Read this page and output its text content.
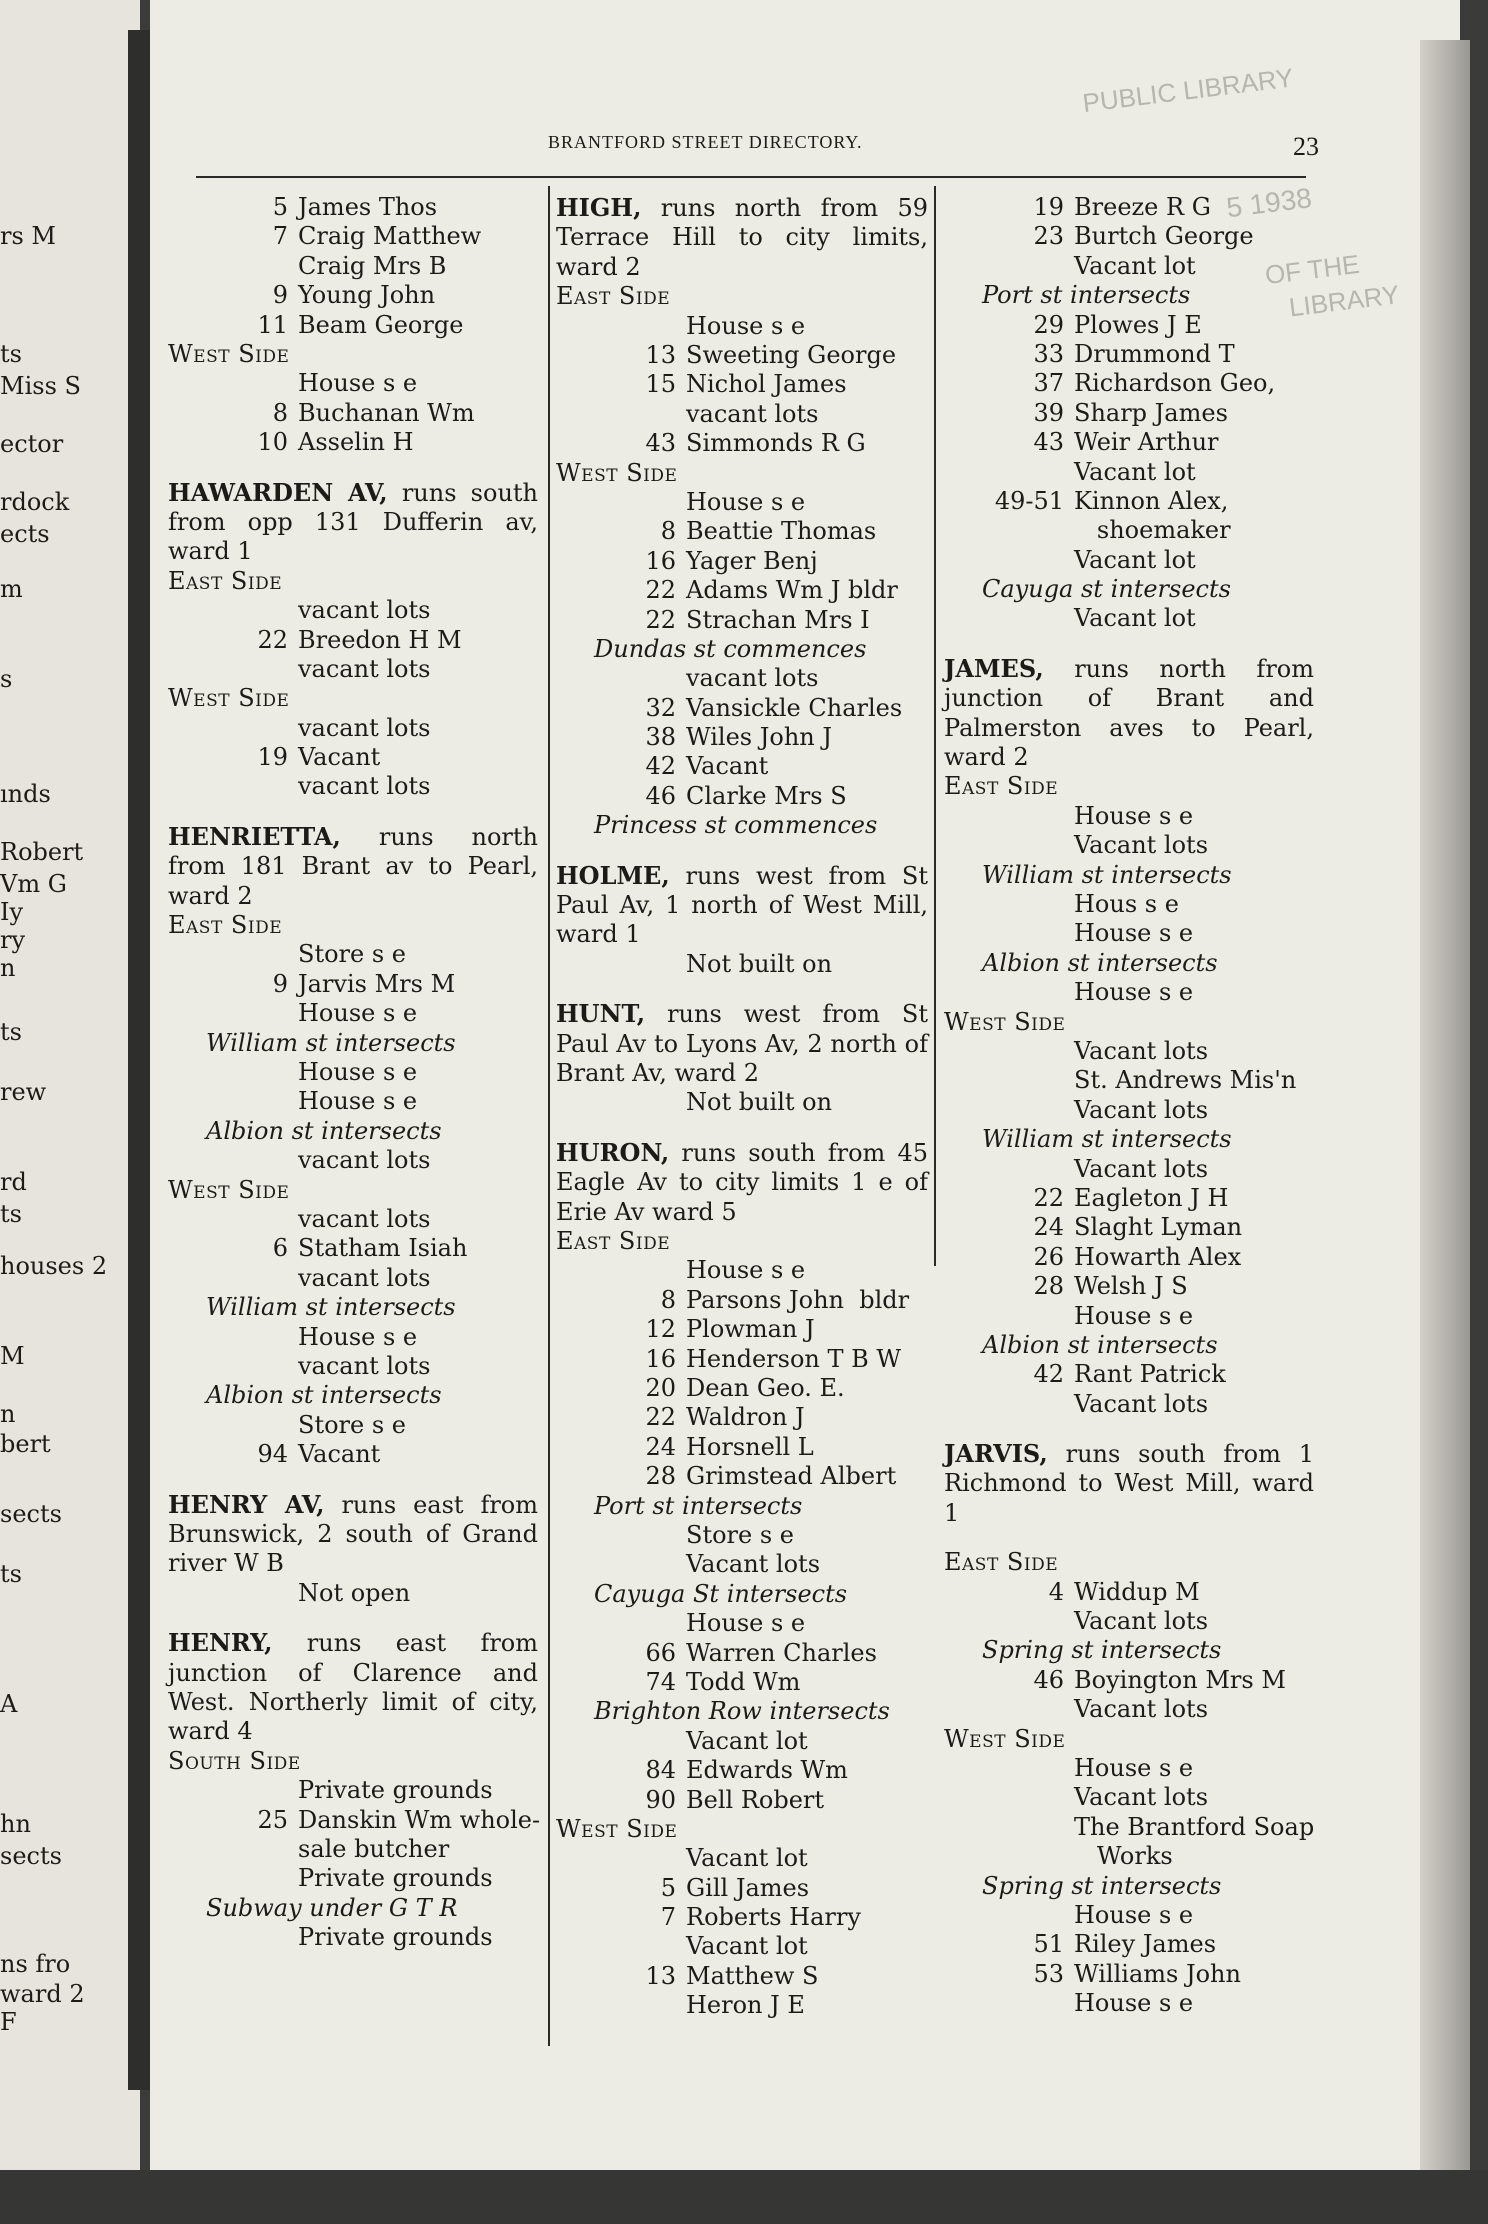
rs M
ts
Miss S
ector
rdock
ects
m
s
ınds
Robert
Vm G
Iy
ry
n
ts
rew
rd
ts
houses 2
M
n
bert
sects
ts
A
hn
sects
ns fro
ward 2
F
BRANTFORD STREET DIRECTORY.	23
PUBLIC LIBRARY
5 1938
OF THE
LIBRARY
5 James Thos
7 Craig Matthew
Craig Mrs B
9 Young John
11 Beam George
West Side
House s e
8 Buchanan Wm
10 Asselin H
HAWARDEN AV, runs south from opp 131 Dufferin av, ward 1
East Side
vacant lots
22 Breedon H M
vacant lots
West Side
vacant lots
19 Vacant
vacant lots
HENRIETTA, runs north from 181 Brant av to Pearl, ward 2
East Side
Store s e
9 Jarvis Mrs M
House s e
William st intersects
House s e
House s e
Albion st intersects
vacant lots
West Side
vacant lots
6 Statham Isiah
vacant lots
William st intersects
House s e
vacant lots
Albion st intersects
Store s e
94 Vacant
HENRY AV, runs east from Brunswick, 2 south of Grand river W B
Not open
HENRY, runs east from junction of Clarence and West. Northerly limit of city, ward 4
South Side
Private grounds
25 Danskin Wm whole-
sale butcher
Private grounds
Subway under G T R
Private grounds
HIGH, runs north from 59 Terrace Hill to city limits, ward 2
East Side
House s e
13 Sweeting George
15 Nichol James
vacant lots
43 Simmonds R G
West Side
House s e
8 Beattie Thomas
16 Yager Benj
22 Adams Wm J bldr
22 Strachan Mrs I
Dundas st commences
vacant lots
32 Vansickle Charles
38 Wiles John J
42 Vacant
46 Clarke Mrs S
Princess st commences
HOLME, runs west from St Paul Av, 1 north of West Mill, ward 1
Not built on
HUNT, runs west from St Paul Av to Lyons Av, 2 north of Brant Av, ward 2
Not built on
HURON, runs south from 45 Eagle Av to city limits 1 e of Erie Av ward 5
East Side
House s e
8 Parsons John  bldr
12 Plowman J
16 Henderson T B W
20 Dean Geo. E.
22 Waldron J
24 Horsnell L
28 Grimstead Albert
Port st intersects
Store s e
Vacant lots
Cayuga St intersects
House s e
66 Warren Charles
74 Todd Wm
Brighton Row intersects
Vacant lot
84 Edwards Wm
90 Bell Robert
West Side
Vacant lot
5 Gill James
7 Roberts Harry
Vacant lot
13 Matthew S
Heron J E
19 Breeze R G
23 Burtch George
Vacant lot
Port st intersects
29 Plowes J E
33 Drummond T
37 Richardson Geo,
39 Sharp James
43 Weir Arthur
Vacant lot
49-51 Kinnon Alex,
shoemaker
Vacant lot
Cayuga st intersects
Vacant lot
JAMES, runs north from junction of Brant and Palmerston aves to Pearl, ward 2
East Side
House s e
Vacant lots
William st intersects
Hous s e
House s e
Albion st intersects
House s e
West Side
Vacant lots
St. Andrews Mis'n
Vacant lots
William st intersects
Vacant lots
22 Eagleton J H
24 Slaght Lyman
26 Howarth Alex
28 Welsh J S
House s e
Albion st intersects
42 Rant Patrick
Vacant lots
JARVIS, runs south from 1 Richmond to West Mill, ward 1
East Side
4 Widdup M
Vacant lots
Spring st intersects
46 Boyington Mrs M
Vacant lots
West Side
House s e
Vacant lots
The Brantford Soap
Works
Spring st intersects
House s e
51 Riley James
53 Williams John
House s e
